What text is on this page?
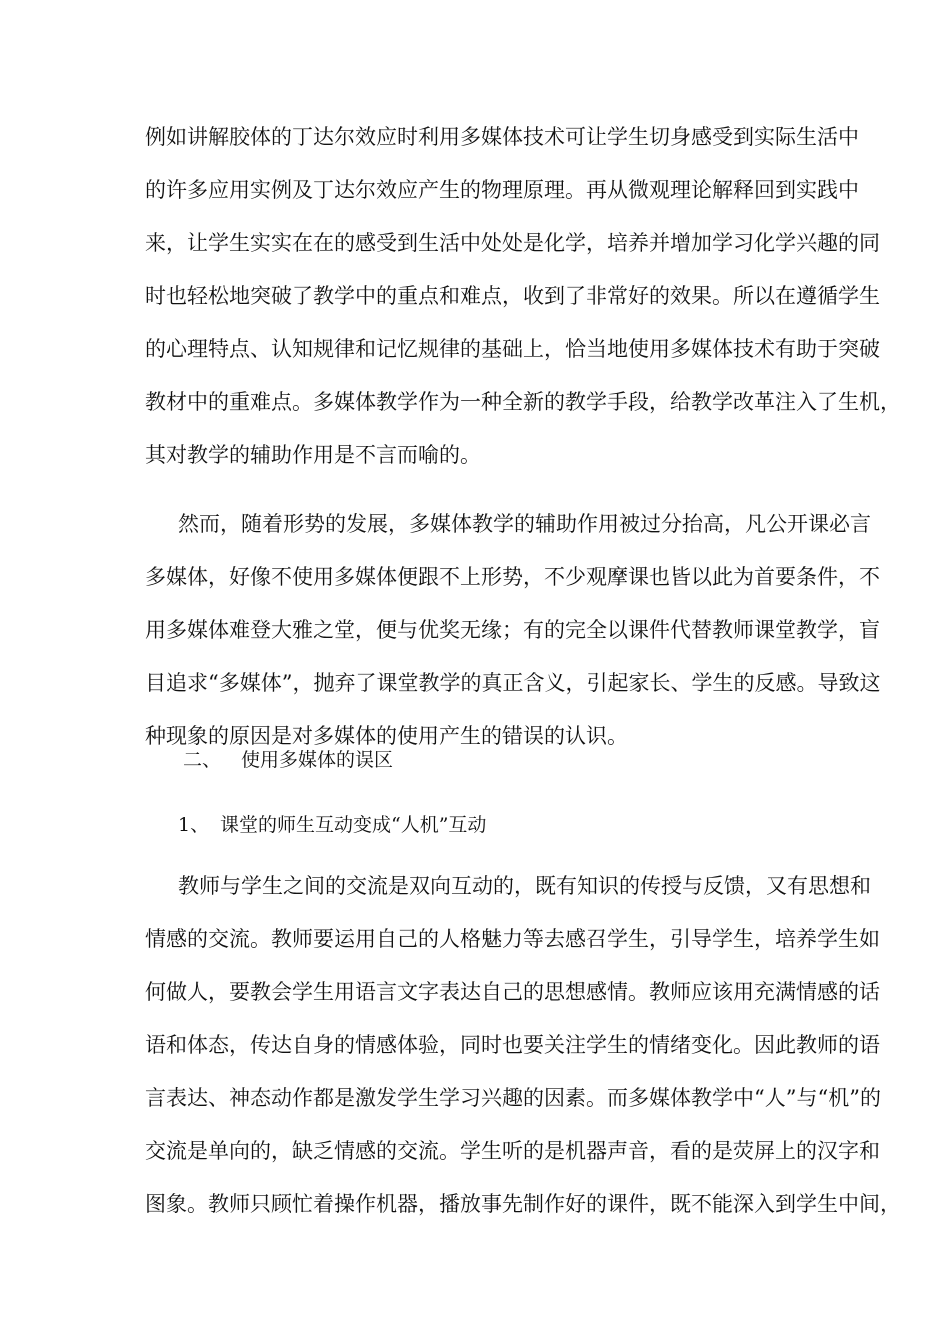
例如讲解胶体的丁达尔效应时利用多媒体技术可让学生切身感受到实际生活中
的许多应用实例及丁达尔效应产生的物理原理。再从微观理论解释回到实践中
来，让学生实实在在的感受到生活中处处是化学，培养并增加学习化学兴趣的同
时也轻松地突破了教学中的重点和难点，收到了非常好的效果。所以在遵循学生
的心理特点、认知规律和记忆规律的基础上，恰当地使用多媒体技术有助于突破
教材中的重难点。多媒体教学作为一种全新的教学手段，给教学改革注入了生机，
其对教学的辅助作用是不言而喻的。
然而，随着形势的发展，多媒体教学的辅助作用被过分抬高，凡公开课必言
多媒体，好像不使用多媒体便跟不上形势，不少观摩课也皆以此为首要条件，不
用多媒体难登大雅之堂，便与优奖无缘；有的完全以课件代替教师课堂教学，盲
目追求“多媒体”，抛弃了课堂教学的真正含义，引起家长、学生的反感。导致这
种现象的原因是对多媒体的使用产生的错误的认识。
二、 使用多媒体的误区
1、 课堂的师生互动变成“人机”互动
教师与学生之间的交流是双向互动的，既有知识的传授与反馈，又有思想和
情感的交流。教师要运用自己的人格魅力等去感召学生，引导学生，培养学生如
何做人，要教会学生用语言文字表达自己的思想感情。教师应该用充满情感的话
语和体态，传达自身的情感体验，同时也要关注学生的情绪变化。因此教师的语
言表达、神态动作都是激发学生学习兴趣的因素。而多媒体教学中“人”与“机”的
交流是单向的，缺乏情感的交流。学生听的是机器声音，看的是荧屏上的汉字和
图象。教师只顾忙着操作机器，播放事先制作好的课件，既不能深入到学生中间，
